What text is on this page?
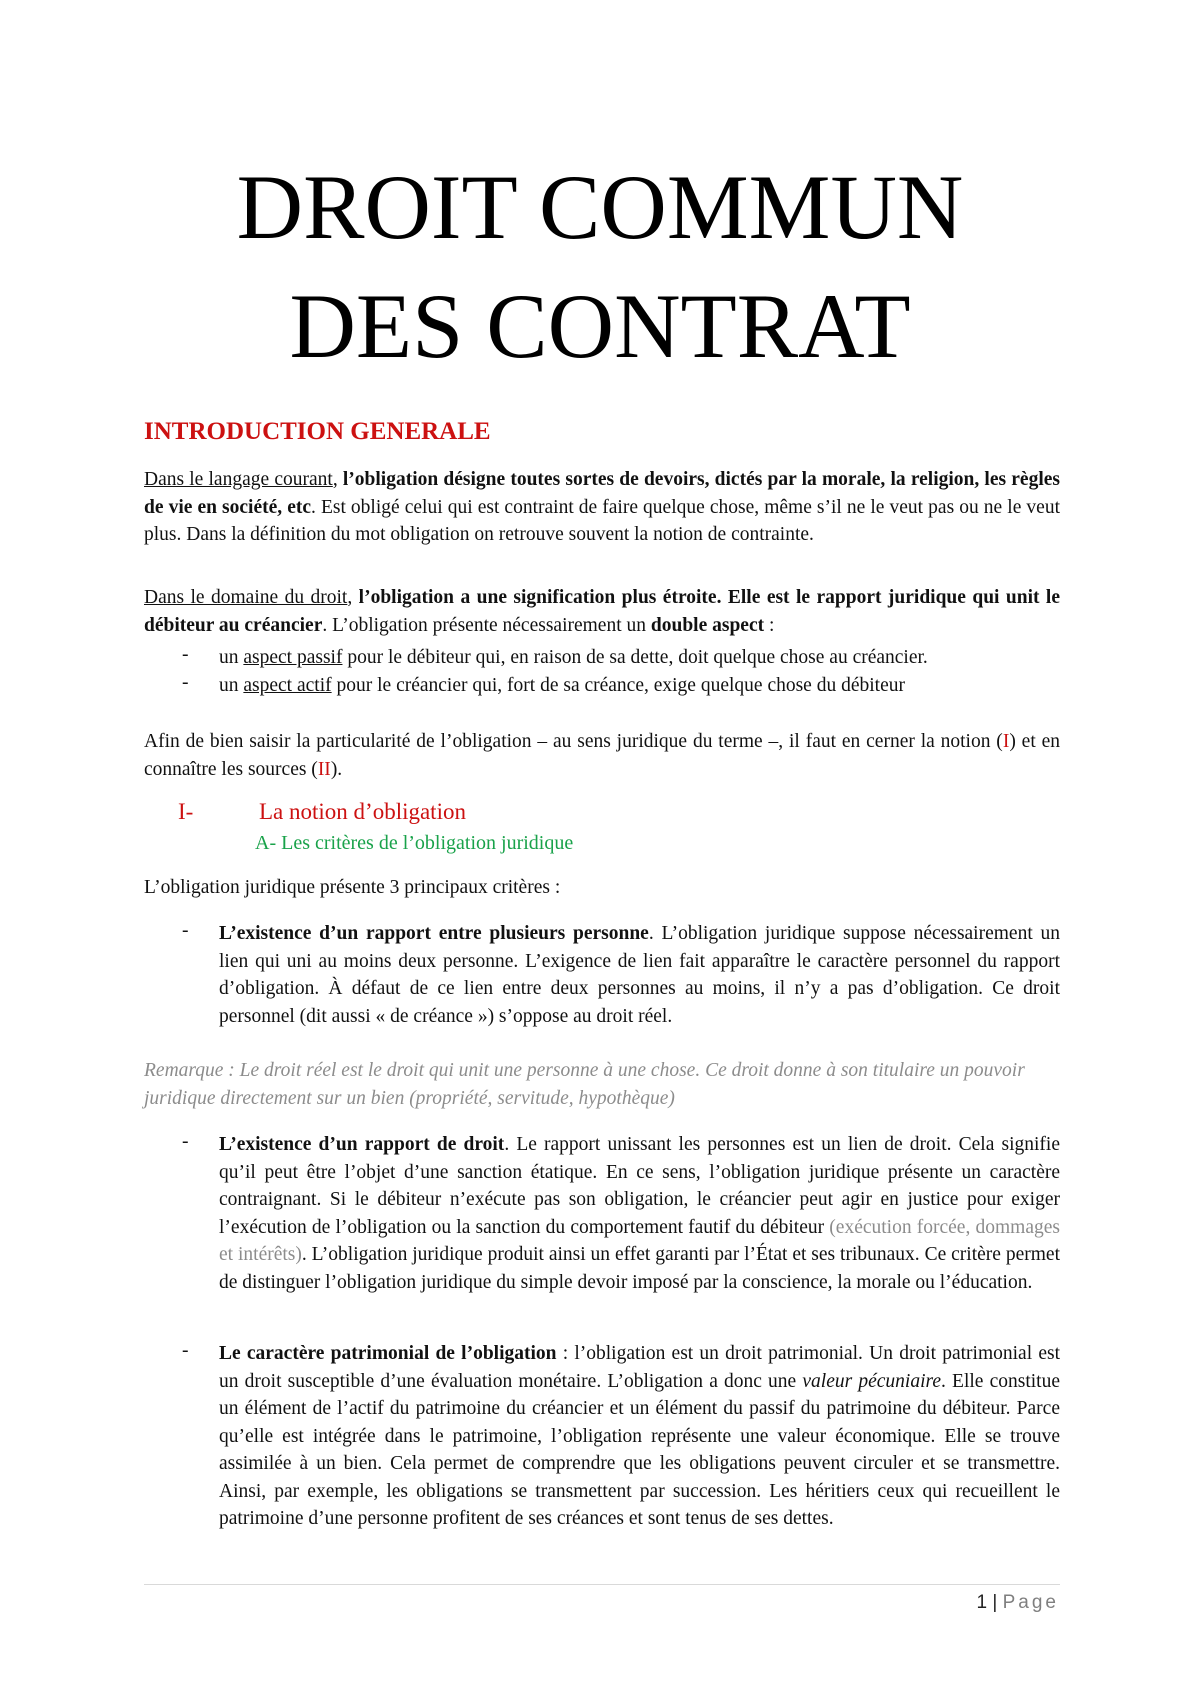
DROIT COMMUN
DES CONTRAT
INTRODUCTION GENERALE
Dans le langage courant, l’obligation désigne toutes sortes de devoirs, dictés par la morale, la religion, les règles de vie en société, etc. Est obligé celui qui est contraint de faire quelque chose, même s’il ne le veut pas ou ne le veut plus. Dans la définition du mot obligation on retrouve souvent la notion de contrainte.
Dans le domaine du droit, l’obligation a une signification plus étroite. Elle est le rapport juridique qui unit le débiteur au créancier. L’obligation présente nécessairement un double aspect :
- un aspect passif pour le débiteur qui, en raison de sa dette, doit quelque chose au créancier.
- un aspect actif pour le créancier qui, fort de sa créance, exige quelque chose du débiteur
Afin de bien saisir la particularité de l’obligation – au sens juridique du terme –, il faut en cerner la notion (I) et en connaître les sources (II).
I-	La notion d’obligation
A- Les critères de l’obligation juridique
L’obligation juridique présente 3 principaux critères :
- L’existence d’un rapport entre plusieurs personne. L’obligation juridique suppose nécessairement un lien qui uni au moins deux personne. L’exigence de lien fait apparaître le caractère personnel du rapport d’obligation. À défaut de ce lien entre deux personnes au moins, il n’y a pas d’obligation. Ce droit personnel (dit aussi « de créance ») s’oppose au droit réel.
Remarque : Le droit réel est le droit qui unit une personne à une chose. Ce droit donne à son titulaire un pouvoir juridique directement sur un bien (propriété, servitude, hypothèque)
- L’existence d’un rapport de droit. Le rapport unissant les personnes est un lien de droit. Cela signifie qu’il peut être l’objet d’une sanction étatique. En ce sens, l’obligation juridique présente un caractère contraignant. Si le débiteur n’exécute pas son obligation, le créancier peut agir en justice pour exiger l’exécution de l’obligation ou la sanction du comportement fautif du débiteur (exécution forcée, dommages et intérêts). L’obligation juridique produit ainsi un effet garanti par l’État et ses tribunaux. Ce critère permet de distinguer l’obligation juridique du simple devoir imposé par la conscience, la morale ou l’éducation.
- Le caractère patrimonial de l’obligation : l’obligation est un droit patrimonial. Un droit patrimonial est un droit susceptible d’une évaluation monétaire. L’obligation a donc une valeur pécuniaire. Elle constitue un élément de l’actif du patrimoine du créancier et un élément du passif du patrimoine du débiteur. Parce qu’elle est intégrée dans le patrimoine, l’obligation représente une valeur économique. Elle se trouve assimilée à un bien. Cela permet de comprendre que les obligations peuvent circuler et se transmettre. Ainsi, par exemple, les obligations se transmettent par succession. Les héritiers ceux qui recueillent le patrimoine d’une personne profitent de ses créances et sont tenus de ses dettes.
1 | Page
